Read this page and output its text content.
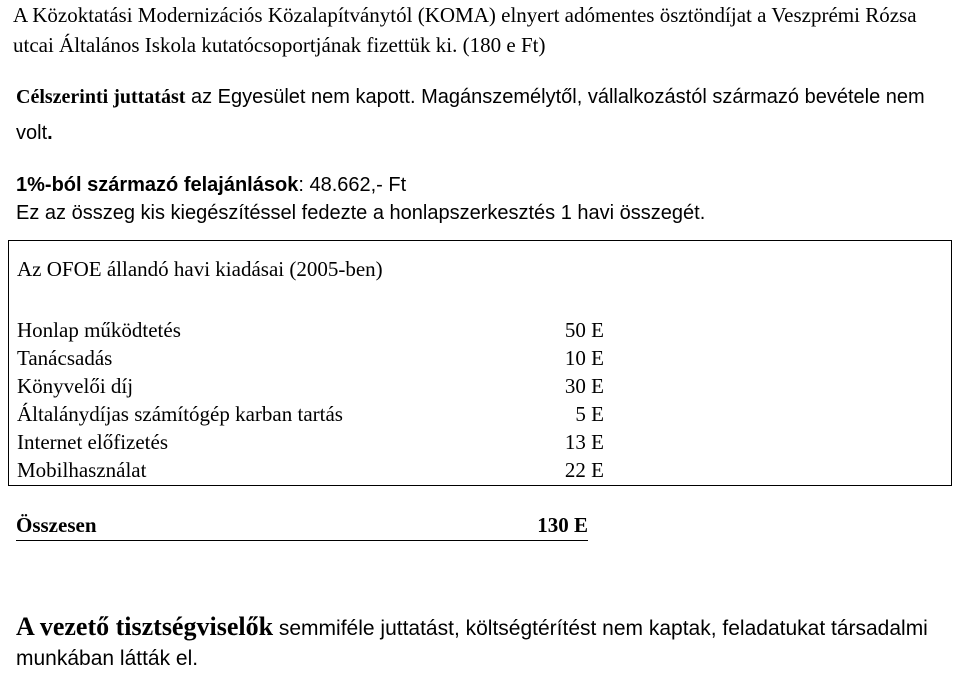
A Közoktatási Modernizációs Közalapítványtól (KOMA) elnyert adómentes ösztöndíjat a Veszprémi Rózsa utcai Általános Iskola kutatócsoportjának fizettük ki. (180 e Ft)

Célszerinti juttatást az Egyesület nem kapott. Magánszemélytől, vállalkozástól származó bevétele nem volt.

1%-ból származó felajánlások: 48.662,- Ft

Ez az összeg kis kiegészítéssel fedezte a honlapszerkesztés 1 havi összegét.

Az OFOE állandó havi kiadásai (2005-ben)

Honlap működtetés	50 E
Tanácsadás	10 E
Könyvelői díj	30 E
Általánydíjas számítógép karban tartás	5 E
Internet előfizetés	13 E
Mobilhasználat	22 E
Összesen	130 E

A vezető tisztségviselők semmiféle juttatást, költségtérítést nem kaptak, feladatukat társadalmi munkában látták el.
